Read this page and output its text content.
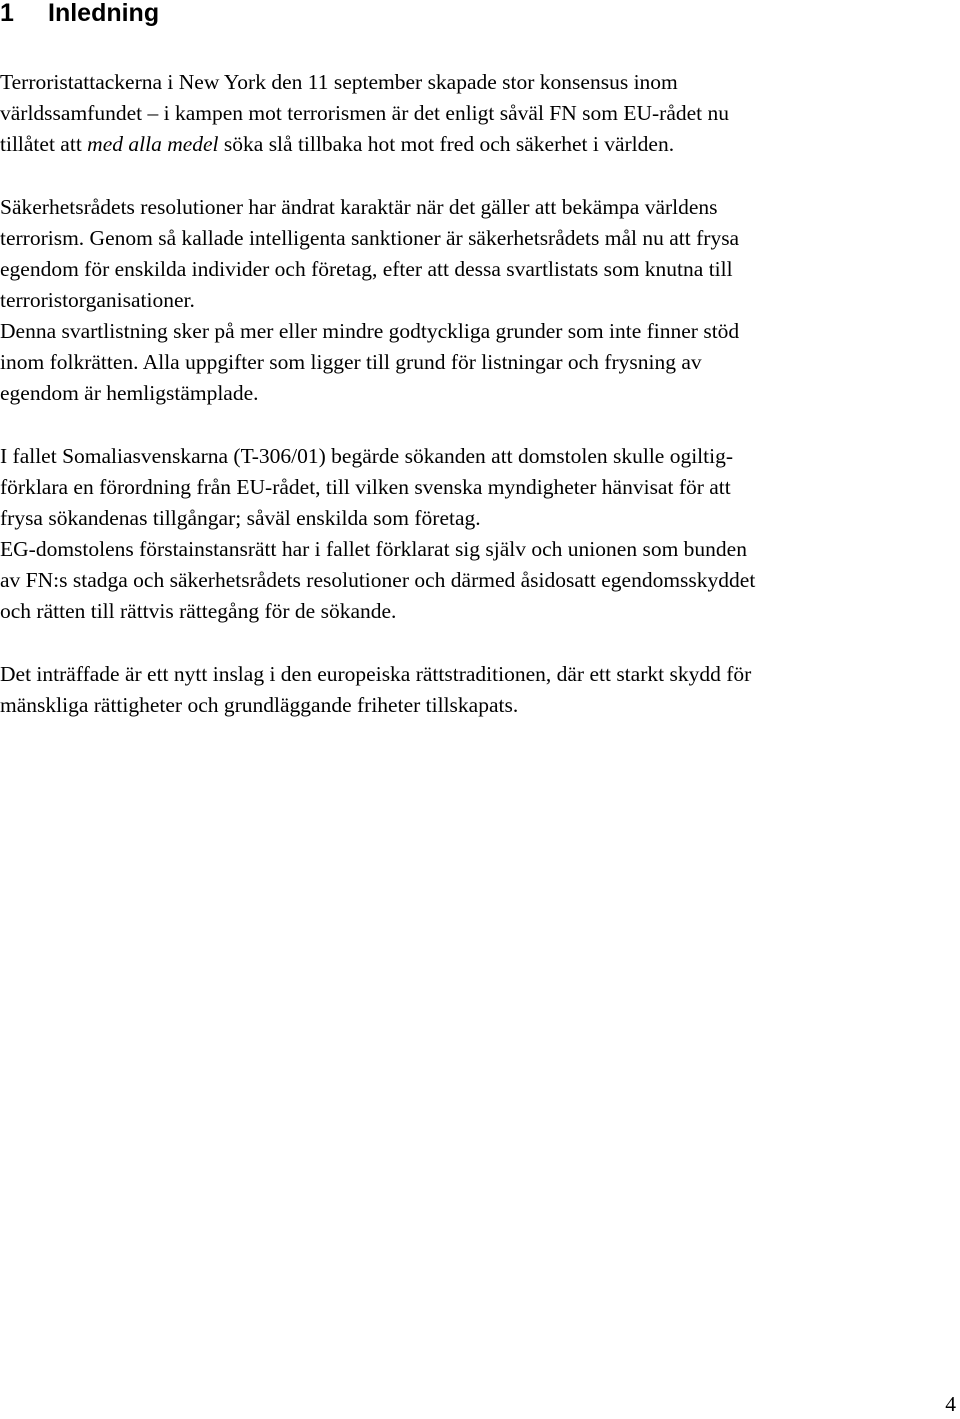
1 Inledning
Terroristattackerna i New York den 11 september skapade stor konsensus inom
världssamfundet – i kampen mot terrorismen är det enligt såväl FN som EU-rådet nu
tillåtet att med alla medel söka slå tillbaka hot mot fred och säkerhet i världen.
Säkerhetsrådets resolutioner har ändrat karaktär när det gäller att bekämpa världens
terrorism. Genom så kallade intelligenta sanktioner är säkerhetsrådets mål nu att frysa
egendom för enskilda individer och företag, efter att dessa svartlistats som knutna till
terroristorganisationer.
Denna svartlistning sker på mer eller mindre godtyckliga grunder som inte finner stöd
inom folkrätten. Alla uppgifter som ligger till grund för listningar och frysning av
egendom är hemligstämplade.
I fallet Somaliasvenskarna (T-306/01) begärde sökanden att domstolen skulle ogiltig-
förklara en förordning från EU-rådet, till vilken svenska myndigheter hänvisat för att
frysa sökandenas tillgångar; såväl enskilda som företag.
EG-domstolens förstainstansrätt har i fallet förklarat sig själv och unionen som bunden
av FN:s stadga och säkerhetsrådets resolutioner och därmed åsidosatt egendomsskyddet
och rätten till rättvis rättegång för de sökande.
Det inträffade är ett nytt inslag i den europeiska rättstraditionen, där ett starkt skydd för
mänskliga rättigheter och grundläggande friheter tillskapats.
4
